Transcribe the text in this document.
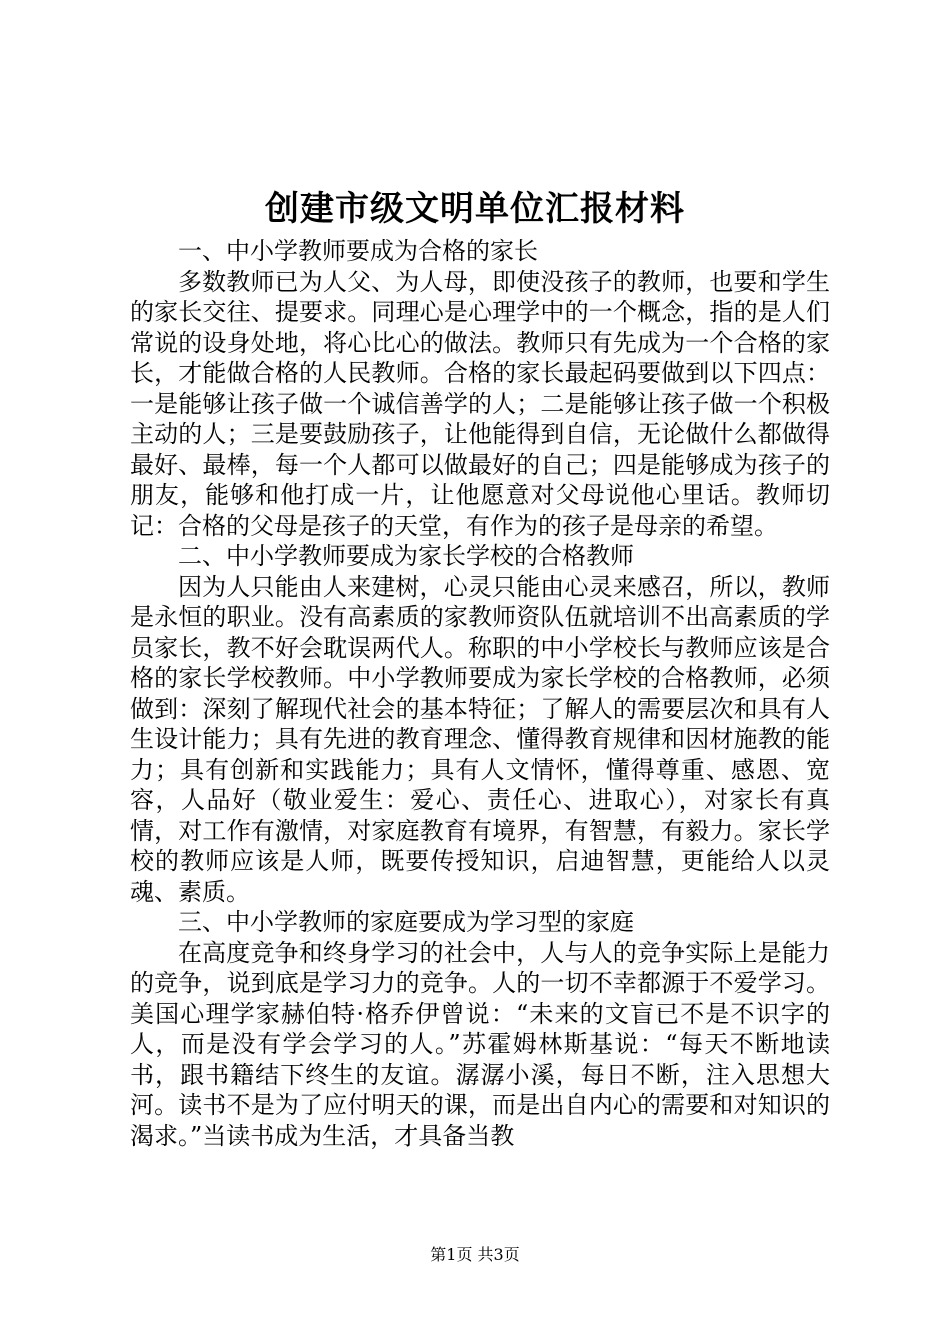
创建市级文明单位汇报材料

一、中小学教师要成为合格的家长

多数教师已为人父、为人母，即使没孩子的教师，也要和学生的家长交往、提要求。同理心是心理学中的一个概念，指的是人们常说的设身处地，将心比心的做法。教师只有先成为一个合格的家长，才能做合格的人民教师。合格的家长最起码要做到以下四点：一是能够让孩子做一个诚信善学的人；二是能够让孩子做一个积极主动的人；三是要鼓励孩子，让他能得到自信，无论做什么都做得最好、最棒，每一个人都可以做最好的自己；四是能够成为孩子的朋友，能够和他打成一片，让他愿意对父母说他心里话。教师切记：合格的父母是孩子的天堂，有作为的孩子是母亲的希望。

二、中小学教师要成为家长学校的合格教师

因为人只能由人来建树，心灵只能由心灵来感召，所以，教师是永恒的职业。没有高素质的家教师资队伍就培训不出高素质的学员家长，教不好会耽误两代人。称职的中小学校长与教师应该是合格的家长学校教师。中小学教师要成为家长学校的合格教师，必须做到：深刻了解现代社会的基本特征；了解人的需要层次和具有人生设计能力；具有先进的教育理念、懂得教育规律和因材施教的能力；具有创新和实践能力；具有人文情怀，懂得尊重、感恩、宽容，人品好（敬业爱生：爱心、责任心、进取心），对家长有真情，对工作有激情，对家庭教育有境界，有智慧，有毅力。家长学校的教师应该是人师，既要传授知识，启迪智慧，更能给人以灵魂、素质。

三、中小学教师的家庭要成为学习型的家庭

在高度竞争和终身学习的社会中，人与人的竞争实际上是能力的竞争，说到底是学习力的竞争。人的一切不幸都源于不爱学习。美国心理学家赫伯特·格乔伊曾说：“未来的文盲已不是不识字的人，而是没有学会学习的人。”苏霍姆林斯基说：“每天不断地读书，跟书籍结下终生的友谊。潺潺小溪，每日不断，注入思想大河。读书不是为了应付明天的课，而是出自内心的需要和对知识的渴求。”当读书成为生活，才具备当教

第1页 共3页
